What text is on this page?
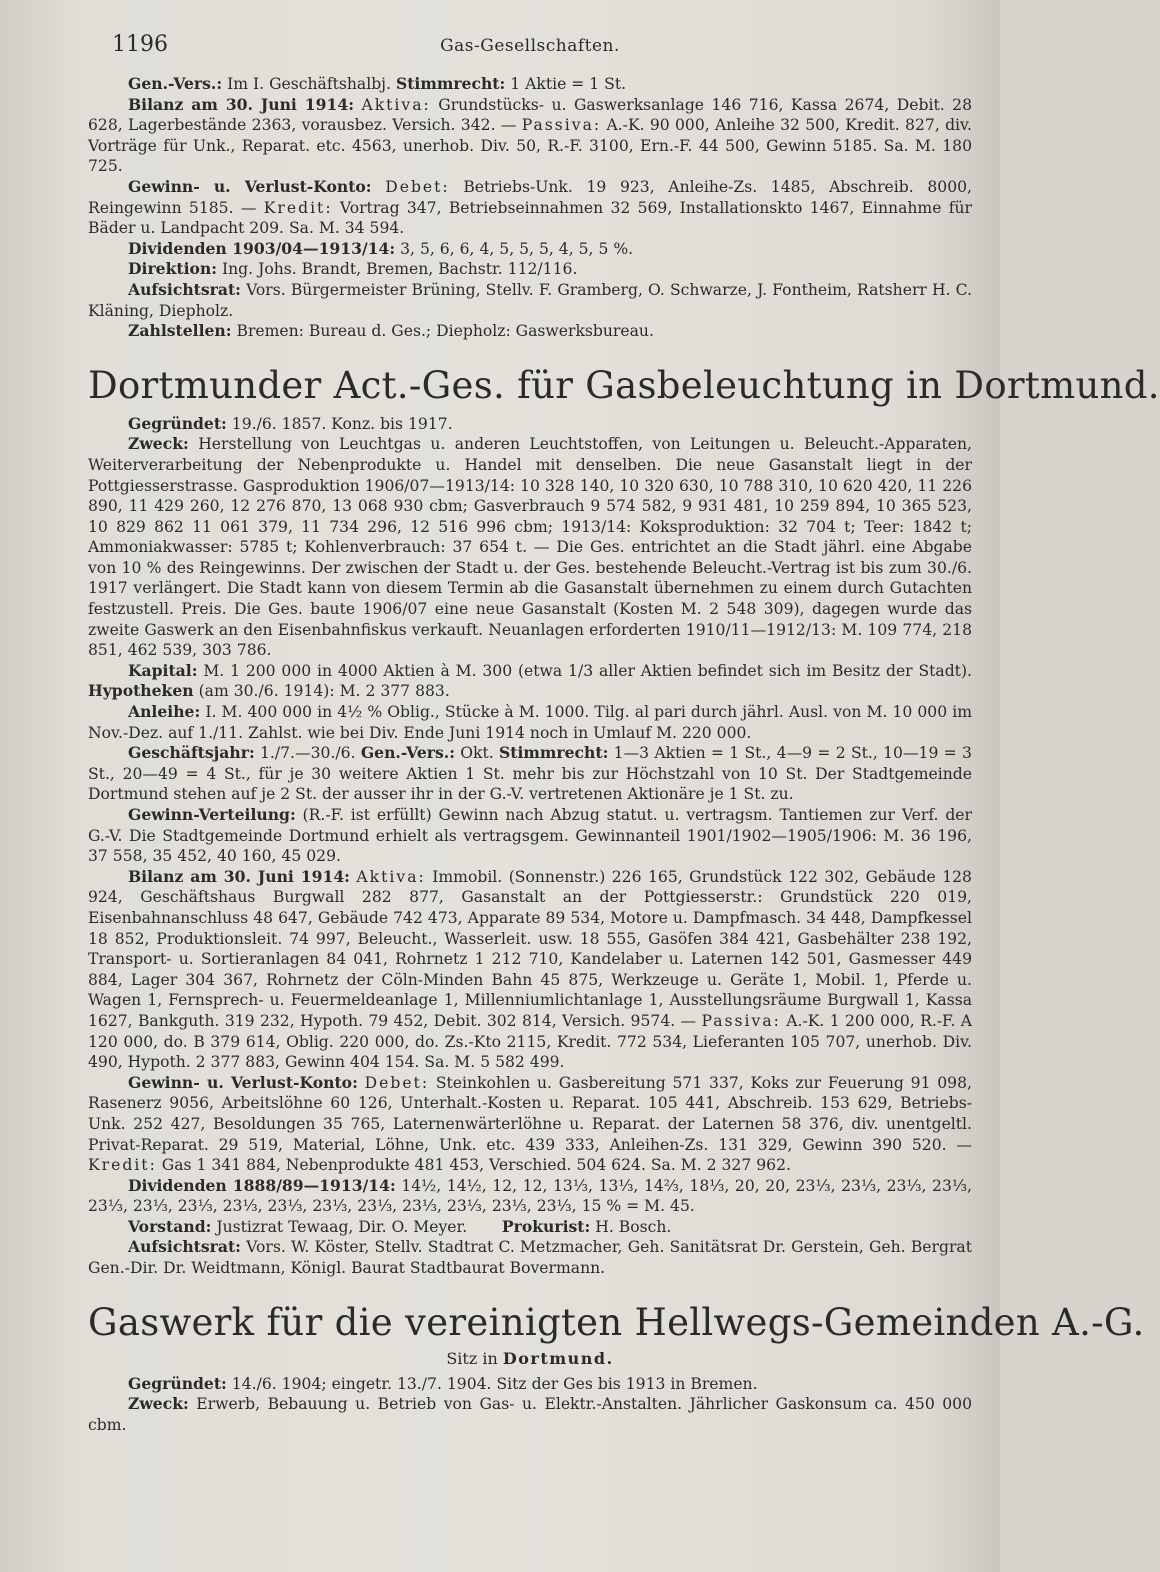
1196	Gas-Gesellschaften.

Gen.-Vers.: Im I. Geschäftshalbj. Stimmrecht: 1 Aktie = 1 St.

Bilanz am 30. Juni 1914: Aktiva: Grundstücks- u. Gaswerksanlage 146 716, Kassa 2674, Debit. 28 628, Lagerbestände 2363, vorausbez. Versich. 342. — Passiva: A.-K. 90 000, Anleihe 32 500, Kredit. 827, div. Vorträge für Unk., Reparat. etc. 4563, unerhob. Div. 50, R.-F. 3100, Ern.-F. 44 500, Gewinn 5185. Sa. M. 180 725.

Gewinn- u. Verlust-Konto: Debet: Betriebs-Unk. 19 923, Anleihe-Zs. 1485, Abschreib. 8000, Reingewinn 5185. — Kredit: Vortrag 347, Betriebseinnahmen 32 569, Installationskto 1467, Einnahme für Bäder u. Landpacht 209. Sa. M. 34 594.

Dividenden 1903/04—1913/14: 3, 5, 6, 6, 4, 5, 5, 5, 4, 5, 5 %.

Direktion: Ing. Johs. Brandt, Bremen, Bachstr. 112/116.

Aufsichtsrat: Vors. Bürgermeister Brüning, Stellv. F. Gramberg, O. Schwarze, J. Fontheim, Ratsherr H. C. Kläning, Diepholz.

Zahlstellen: Bremen: Bureau d. Ges.; Diepholz: Gaswerksbureau.

Dortmunder Act.-Ges. für Gasbeleuchtung in Dortmund.

Gegründet: 19./6. 1857. Konz. bis 1917.

Zweck: Herstellung von Leuchtgas u. anderen Leuchtstoffen, von Leitungen u. Beleucht.-Apparaten, Weiterverarbeitung der Nebenprodukte u. Handel mit denselben. Die neue Gasanstalt liegt in der Pottgiesserstrasse. Gasproduktion 1906/07—1913/14: 10 328 140, 10 320 630, 10 788 310, 10 620 420, 11 226 890, 11 429 260, 12 276 870, 13 068 930 cbm; Gasverbrauch 9 574 582, 9 931 481, 10 259 894, 10 365 523, 10 829 862 11 061 379, 11 734 296, 12 516 996 cbm; 1913/14: Koksproduktion: 32 704 t; Teer: 1842 t; Ammoniakwasser: 5785 t; Kohlenverbrauch: 37 654 t. — Die Ges. entrichtet an die Stadt jährl. eine Abgabe von 10 % des Reingewinns. Der zwischen der Stadt u. der Ges. bestehende Beleucht.-Vertrag ist bis zum 30./6. 1917 verlängert. Die Stadt kann von diesem Termin ab die Gasanstalt übernehmen zu einem durch Gutachten festzustell. Preis. Die Ges. baute 1906/07 eine neue Gasanstalt (Kosten M. 2 548 309), dagegen wurde das zweite Gaswerk an den Eisenbahnfiskus verkauft. Neuanlagen erforderten 1910/11—1912/13: M. 109 774, 218 851, 462 539, 303 786.

Kapital: M. 1 200 000 in 4000 Aktien à M. 300 (etwa 1/3 aller Aktien befindet sich im Besitz der Stadt). Hypotheken (am 30./6. 1914): M. 2 377 883.

Anleihe: I. M. 400 000 in 4½ % Oblig., Stücke à M. 1000. Tilg. al pari durch jährl. Ausl. von M. 10 000 im Nov.-Dez. auf 1./11. Zahlst. wie bei Div. Ende Juni 1914 noch in Umlauf M. 220 000.

Geschäftsjahr: 1./7.—30./6. Gen.-Vers.: Okt. Stimmrecht: 1—3 Aktien = 1 St., 4—9 = 2 St., 10—19 = 3 St., 20—49 = 4 St., für je 30 weitere Aktien 1 St. mehr bis zur Höchstzahl von 10 St. Der Stadtgemeinde Dortmund stehen auf je 2 St. der ausser ihr in der G.-V. vertretenen Aktionäre je 1 St. zu.

Gewinn-Verteilung: (R.-F. ist erfüllt) Gewinn nach Abzug statut. u. vertragsm. Tantiemen zur Verf. der G.-V. Die Stadtgemeinde Dortmund erhielt als vertragsgem. Gewinnanteil 1901/1902—1905/1906: M. 36 196, 37 558, 35 452, 40 160, 45 029.

Bilanz am 30. Juni 1914: Aktiva: Immobil. (Sonnenstr.) 226 165, Grundstück 122 302, Gebäude 128 924, Geschäftshaus Burgwall 282 877, Gasanstalt an der Pottgiesserstr.: Grundstück 220 019, Eisenbahnanschluss 48 647, Gebäude 742 473, Apparate 89 534, Motore u. Dampfmasch. 34 448, Dampfkessel 18 852, Produktionsleit. 74 997, Beleucht., Wasserleit. usw. 18 555, Gasöfen 384 421, Gasbehälter 238 192, Transport- u. Sortieranlagen 84 041, Rohrnetz 1 212 710, Kandelaber u. Laternen 142 501, Gasmesser 449 884, Lager 304 367, Rohrnetz der Cöln-Minden Bahn 45 875, Werkzeuge u. Geräte 1, Mobil. 1, Pferde u. Wagen 1, Fernsprech- u. Feuermeldeanlage 1, Millenniumlichtanlage 1, Ausstellungsräume Burgwall 1, Kassa 1627, Bankguth. 319 232, Hypoth. 79 452, Debit. 302 814, Versich. 9574. — Passiva: A.-K. 1 200 000, R.-F. A 120 000, do. B 379 614, Oblig. 220 000, do. Zs.-Kto 2115, Kredit. 772 534, Lieferanten 105 707, unerhob. Div. 490, Hypoth. 2 377 883, Gewinn 404 154. Sa. M. 5 582 499.

Gewinn- u. Verlust-Konto: Debet: Steinkohlen u. Gasbereitung 571 337, Koks zur Feuerung 91 098, Rasenerz 9056, Arbeitslöhne 60 126, Unterhalt.-Kosten u. Reparat. 105 441, Abschreib. 153 629, Betriebs-Unk. 252 427, Besoldungen 35 765, Laternenwärterlöhne u. Reparat. der Laternen 58 376, div. unentgeltl. Privat-Reparat. 29 519, Material, Löhne, Unk. etc. 439 333, Anleihen-Zs. 131 329, Gewinn 390 520. — Kredit: Gas 1 341 884, Nebenprodukte 481 453, Verschied. 504 624. Sa. M. 2 327 962.

Dividenden 1888/89—1913/14: 14½, 14½, 12, 12, 13⅓, 13⅓, 14⅔, 18⅓, 20, 20, 23⅓, 23⅓, 23⅓, 23⅓, 23⅓, 23⅓, 23⅓, 23⅓, 23⅓, 23⅓, 23⅓, 23⅓, 23⅓, 23⅓, 23⅓, 15 % = M. 45.

Vorstand: Justizrat Tewaag, Dir. O. Meyer. Prokurist: H. Bosch.

Aufsichtsrat: Vors. W. Köster, Stellv. Stadtrat C. Metzmacher, Geh. Sanitätsrat Dr. Gerstein, Geh. Bergrat Gen.-Dir. Dr. Weidtmann, Königl. Baurat Stadtbaurat Bovermann.

Gaswerk für die vereinigten Hellwegs-Gemeinden A.-G.
Sitz in Dortmund.

Gegründet: 14./6. 1904; eingetr. 13./7. 1904. Sitz der Ges bis 1913 in Bremen.

Zweck: Erwerb, Bebauung u. Betrieb von Gas- u. Elektr.-Anstalten. Jährlicher Gaskonsum ca. 450 000 cbm.
